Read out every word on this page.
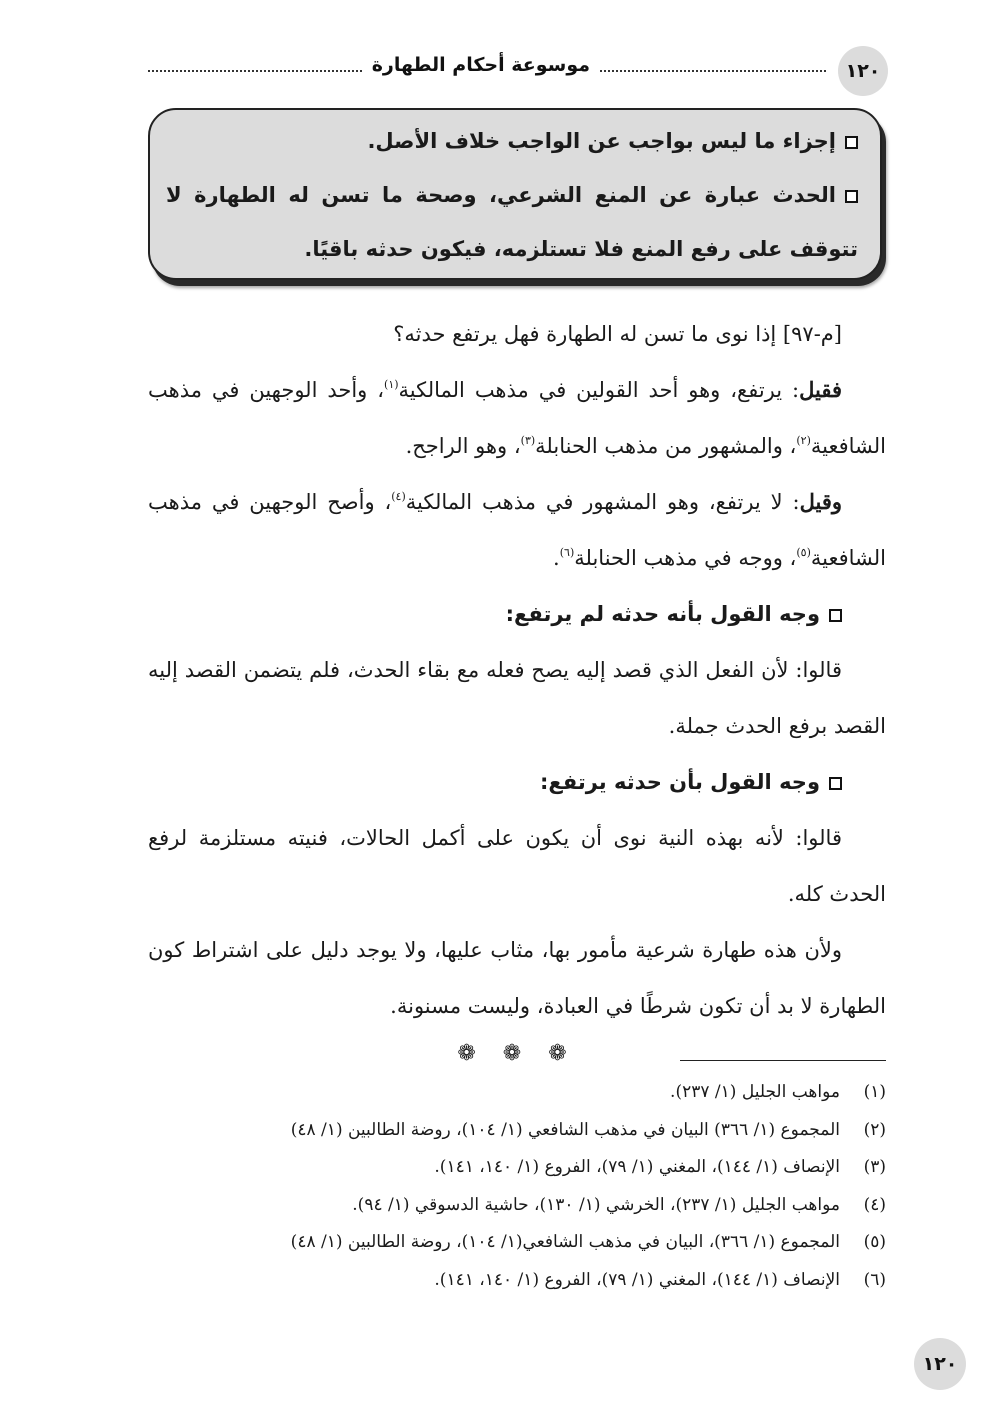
موسوعة أحكام الطهارة	١٢٠

إجزاء ما ليس بواجب عن الواجب خلاف الأصل.

الحدث عبارة عن المنع الشرعي، وصحة ما تسن له الطهارة لا تتوقف على رفع المنع فلا تستلزمه، فيكون حدثه باقيًا.

[م-٩٧] إذا نوى ما تسن له الطهارة فهل يرتفع حدثه؟

فقيل: يرتفع، وهو أحد القولين في مذهب المالكية$^{(١)}$، وأحد الوجهين في مذهب الشافعية$^{(٢)}$، والمشهور من مذهب الحنابلة$^{(٣)}$، وهو الراجح.

وقيل: لا يرتفع، وهو المشهور في مذهب المالكية$^{(٤)}$، وأصح الوجهين في مذهب الشافعية$^{(٥)}$، ووجه في مذهب الحنابلة$^{(٦)}$.

وجه القول بأنه حدثه لم يرتفع:

قالوا: لأن الفعل الذي قصد إليه يصح فعله مع بقاء الحدث، فلم يتضمن القصد إليه القصد برفع الحدث جملة.

وجه القول بأن حدثه يرتفع:

قالوا: لأنه بهذه النية نوى أن يكون على أكمل الحالات، فنيته مستلزمة لرفع الحدث كله.

ولأن هذه طهارة شرعية مأمور بها، مثاب عليها، ولا يوجد دليل على اشتراط كون الطهارة لا بد أن تكون شرطًا في العبادة، وليست مسنونة.

❁ ❁ ❁

(١)
مواهب الجليل (١/ ٢٣٧).
(٢)
المجموع (١/ ٣٦٦) البيان في مذهب الشافعي (١/ ١٠٤)، روضة الطالبين (١/ ٤٨)
(٣)
الإنصاف (١/ ١٤٤)، المغني (١/ ٧٩)، الفروع (١/ ١٤٠، ١٤١).
(٤)
مواهب الجليل (١/ ٢٣٧)، الخرشي (١/ ١٣٠)، حاشية الدسوقي (١/ ٩٤).
(٥)
المجموع (١/ ٣٦٦)، البيان في مذهب الشافعي(١/ ١٠٤)، روضة الطالبين (١/ ٤٨)
(٦)
الإنصاف (١/ ١٤٤)، المغني (١/ ٧٩)، الفروع (١/ ١٤٠، ١٤١).
١٢٠
